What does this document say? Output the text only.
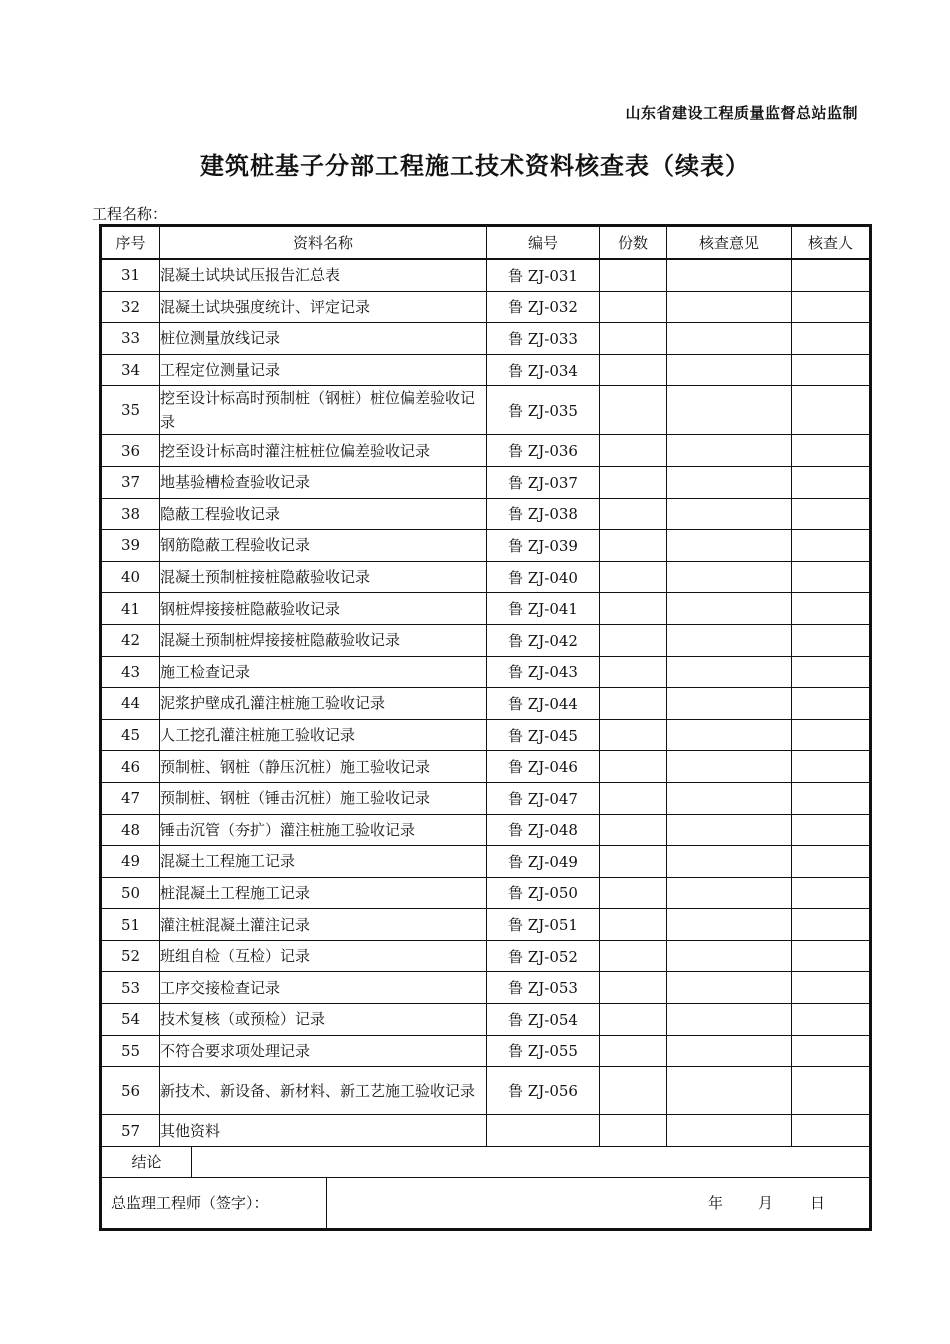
山东省建设工程质量监督总站监制
建筑桩基子分部工程施工技术资料核查表（续表）
工程名称：
序号	资料名称	编号	份数	核查意见	核查人
31	混凝土试块试压报告汇总表	鲁 ZJ-031			
32	混凝土试块强度统计、评定记录	鲁 ZJ-032			
33	桩位测量放线记录	鲁 ZJ-033			
34	工程定位测量记录	鲁 ZJ-034			
35	挖至设计标高时预制桩（钢桩）桩位偏差验收记录	鲁 ZJ-035			
36	挖至设计标高时灌注桩桩位偏差验收记录	鲁 ZJ-036			
37	地基验槽检查验收记录	鲁 ZJ-037			
38	隐蔽工程验收记录	鲁 ZJ-038			
39	钢筋隐蔽工程验收记录	鲁 ZJ-039			
40	混凝土预制桩接桩隐蔽验收记录	鲁 ZJ-040			
41	钢桩焊接接桩隐蔽验收记录	鲁 ZJ-041			
42	混凝土预制桩焊接接桩隐蔽验收记录	鲁 ZJ-042			
43	施工检查记录	鲁 ZJ-043			
44	泥浆护壁成孔灌注桩施工验收记录	鲁 ZJ-044			
45	人工挖孔灌注桩施工验收记录	鲁 ZJ-045			
46	预制桩、钢桩（静压沉桩）施工验收记录	鲁 ZJ-046			
47	预制桩、钢桩（锤击沉桩）施工验收记录	鲁 ZJ-047			
48	锤击沉管（夯扩）灌注桩施工验收记录	鲁 ZJ-048			
49	混凝土工程施工记录	鲁 ZJ-049			
50	桩混凝土工程施工记录	鲁 ZJ-050			
51	灌注桩混凝土灌注记录	鲁 ZJ-051			
52	班组自检（互检）记录	鲁 ZJ-052			
53	工序交接检查记录	鲁 ZJ-053			
54	技术复核（或预检）记录	鲁 ZJ-054			
55	不符合要求项处理记录	鲁 ZJ-055			
56	新技术、新设备、新材料、新工艺施工验收记录	鲁 ZJ-056			
57	其他资料				
结论		
总监理工程师（签字）：		年 月 日
